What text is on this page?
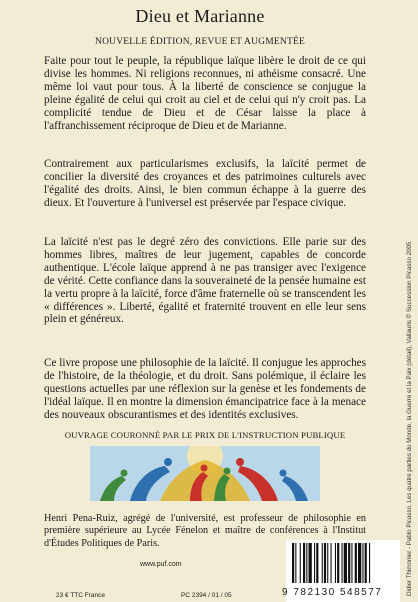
Dieu et Marianne
NOUVELLE ÉDITION, REVUE ET AUGMENTÉE

Faite pour tout le peuple, la république laïque libère le droit de ce qui divise les hommes. Ni religions reconnues, ni athéisme consacré. Une même loi vaut pour tous. À la liberté de conscience se conjugue la pleine égalité de celui qui croit au ciel et de celui qui n'y croit pas. La complicité tendue de Dieu et de César laisse la place à l'affranchissement réciproque de Dieu et de Marianne.

Contrairement aux particularismes exclusifs, la laïcité permet de concilier la diversité des croyances et des patrimoines culturels avec l'égalité des droits. Ainsi, le bien commun échappe à la guerre des dieux. Et l'ouverture à l'universel est préservée par l'espace civique.

La laïcité n'est pas le degré zéro des convictions. Elle parie sur des hommes libres, maîtres de leur jugement, capables de concorde authentique. L'école laïque apprend à ne pas transiger avec l'exigence de vérité. Cette confiance dans la souveraineté de la pensée humaine est la vertu propre à la laïcité, force d'âme fraternelle où se transcendent les « différences ». Liberté, égalité et fraternité trouvent en elle leur sens plein et généreux.

Ce livre propose une philosophie de la laïcité. Il conjugue les approches de l'histoire, de la théologie, et du droit. Sans polémique, il éclaire les questions actuelles par une réflexion sur la genèse et les fondements de l'idéal laïque. Il en montre la dimension émancipatrice face à la menace des nouveaux obscurantismes et des identités exclusives.

OUVRAGE COURONNÉ PAR LE PRIX DE L'INSTRUCTION PUBLIQUE

Henri Pena-Ruiz, agrégé de l'université, est professeur de philosophie en première supérieure au Lycée Fénelon et maître de conférences à l'Institut d'Études Politiques de Paris.

www.puf.com
23 € TTC France	PC 2394 / 01 / 05	9 782130 548577	Didier Thimonier - Pablo Picasso, Les quatre parties du Monde, la Guerre et la Paix (détail), Vallauris © Succession Picasso 2005
